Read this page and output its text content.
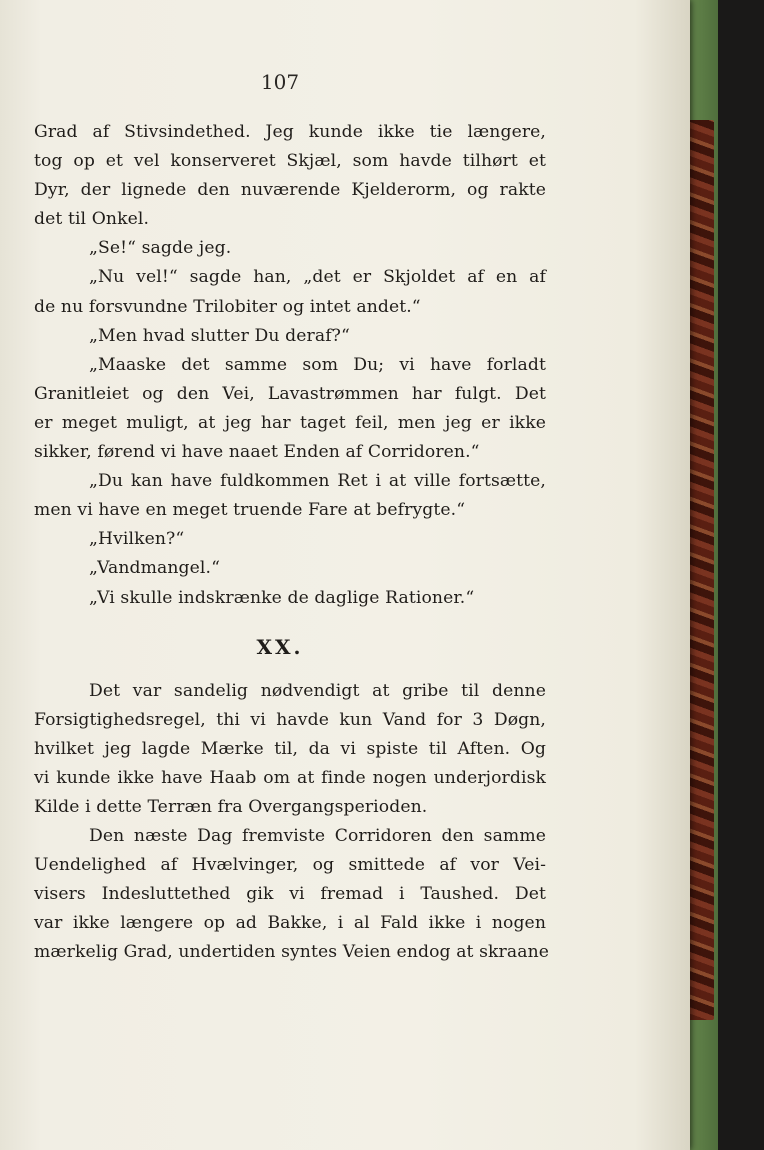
107

Grad af Stivsindethed. Jeg kunde ikke tie længere,
tog op et vel konserveret Skjæl, som havde tilhørt et
Dyr, der lignede den nuværende Kjelderorm, og rakte
det til Onkel.
„Se!“ sagde jeg.
„Nu vel!“ sagde han, „det er Skjoldet af en af
de nu forsvundne Trilobiter og intet andet.“
„Men hvad slutter Du deraf?“
„Maaske det samme som Du; vi have forladt
Granitleiet og den Vei, Lavastrømmen har fulgt. Det
er meget muligt, at jeg har taget feil, men jeg er ikke
sikker, førend vi have naaet Enden af Corridoren.“
„Du kan have fuldkommen Ret i at ville fortsætte,
men vi have en meget truende Fare at befrygte.“
„Hvilken?“
„Vandmangel.“
„Vi skulle indskrænke de daglige Rationer.“
XX.
Det var sandelig nødvendigt at gribe til denne
Forsigtighedsregel, thi vi havde kun Vand for 3 Døgn,
hvilket jeg lagde Mærke til, da vi spiste til Aften. Og
vi kunde ikke have Haab om at finde nogen underjordisk
Kilde i dette Terræn fra Overgangsperioden.
Den næste Dag fremviste Corridoren den samme
Uendelighed af Hvælvinger, og smittede af vor Vei-
visers Indesluttethed gik vi fremad i Taushed. Det
var ikke længere op ad Bakke, i al Fald ikke i nogen
mærkelig Grad, undertiden syntes Veien endog at skraane
